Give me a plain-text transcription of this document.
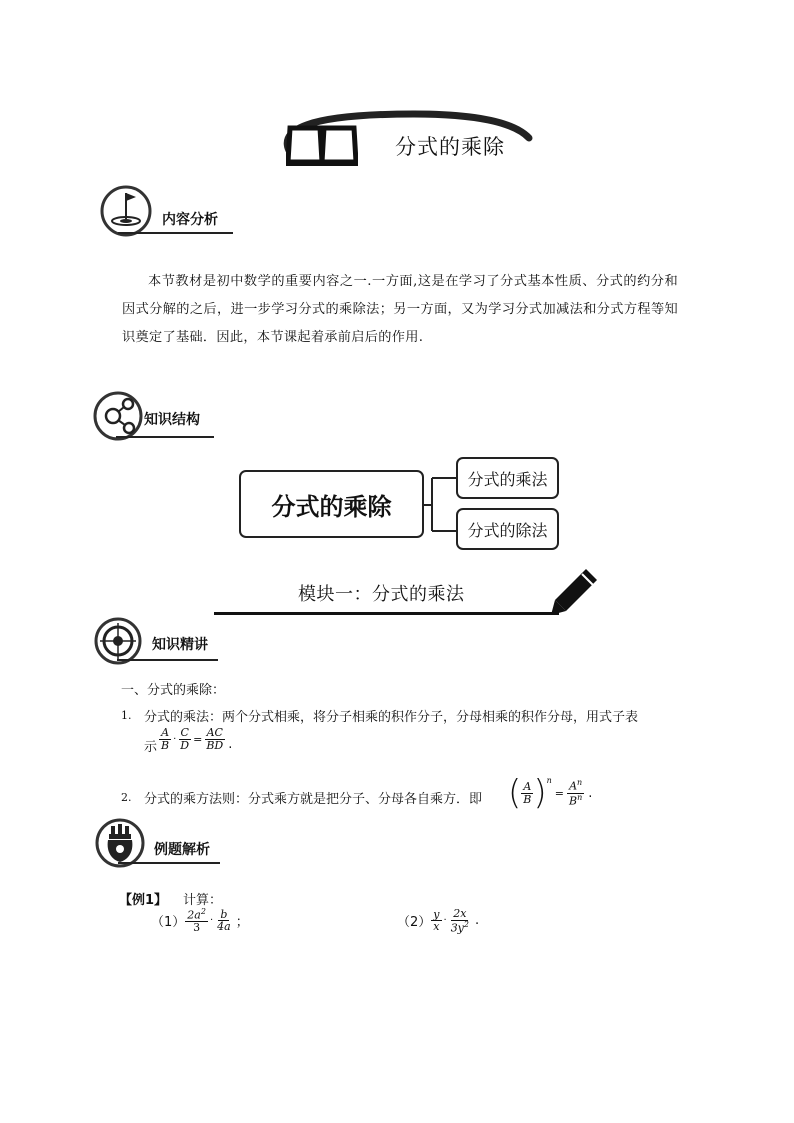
分式的乘除
内容分析

本节教材是初中数学的重要内容之一.一方面,这是在学习了分式基本性质、分式的约分和因式分解的之后，进一步学习分式的乘除法；另一方面，又为学习分式加减法和分式方程等知识奠定了基础．因此，本节课起着承前启后的作用.

知识结构
分式的乘除
分式的乘法
分式的除法
模块一：分式的乘法
知识精讲
一、分式的乘除：
1. 分式的乘法：两个分式相乘，将分子相乘的积作分子，分母相乘的积作分母，用式子表
示 $\frac{A}{B} \cdot \frac{C}{D} = \frac{AC}{BD}$ .
2. 分式的乘方法则：分式乘方就是把分子、分母各自乘方．即 ( $\frac{A}{B}$ ) n
= $\frac{A^n}{B^n}$ .
例题解析
【例1】 计算：
$(1) \frac{2a^2}{3} \cdot \frac{b}{4a}$ ；	$(2) \frac{y}{x} \cdot \frac{2x}{3y^2}$ .
